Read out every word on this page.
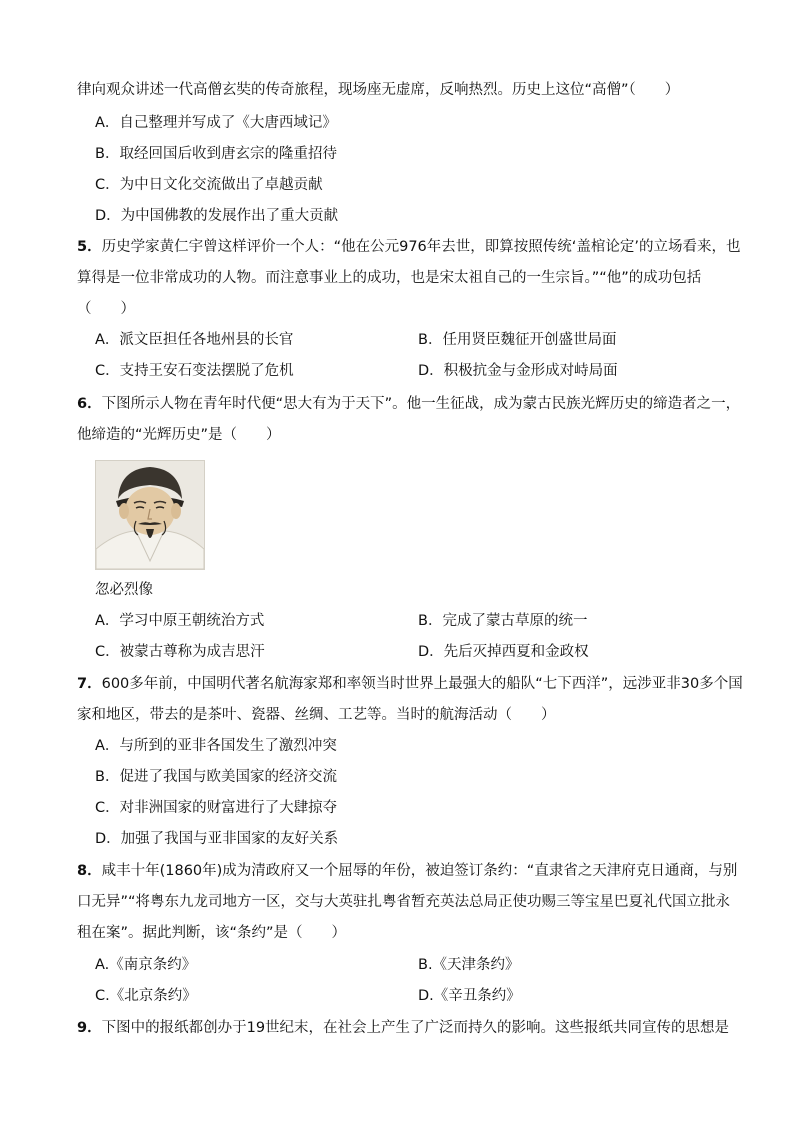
律向观众讲述一代高僧玄奘的传奇旅程，现场座无虚席，反响热烈。历史上这位“高僧”（　　）
A．自己整理并写成了《大唐西域记》
B．取经回国后收到唐玄宗的隆重招待
C．为中日文化交流做出了卓越贡献
D．为中国佛教的发展作出了重大贡献
5．历史学家黄仁宇曾这样评价一个人：“他在公元976年去世，即算按照传统‘盖棺论定’的立场看来，也
算得是一位非常成功的人物。而注意事业上的成功，也是宋太祖自己的一生宗旨。”“他”的成功包括
（　　）
A．派文臣担任各地州县的长官	B．任用贤臣魏征开创盛世局面
C．支持王安石变法摆脱了危机	D．积极抗金与金形成对峙局面
6．下图所示人物在青年时代便“思大有为于天下”。他一生征战，成为蒙古民族光辉历史的缔造者之一，
他缔造的“光辉历史”是（　　）
忽必烈像
A．学习中原王朝统治方式	B．完成了蒙古草原的统一
C．被蒙古尊称为成吉思汗	D．先后灭掉西夏和金政权
7．600多年前，中国明代著名航海家郑和率领当时世界上最强大的船队“七下西洋”，远涉亚非30多个国
家和地区，带去的是茶叶、瓷器、丝绸、工艺等。当时的航海活动（　　）
A．与所到的亚非各国发生了激烈冲突
B．促进了我国与欧美国家的经济交流
C．对非洲国家的财富进行了大肆掠夺
D．加强了我国与亚非国家的友好关系
8．咸丰十年(1860年)成为清政府又一个屈辱的年份，被迫签订条约：“直隶省之天津府克日通商，与别
口无异”“将粤东九龙司地方一区，交与大英驻扎粤省暂充英法总局正使功赐三等宝星巴夏礼代国立批永
租在案”。据此判断，该“条约”是（　　）
A.《南京条约》	B.《天津条约》
C.《北京条约》	D.《辛丑条约》
9．下图中的报纸都创办于19世纪末，在社会上产生了广泛而持久的影响。这些报纸共同宣传的思想是
